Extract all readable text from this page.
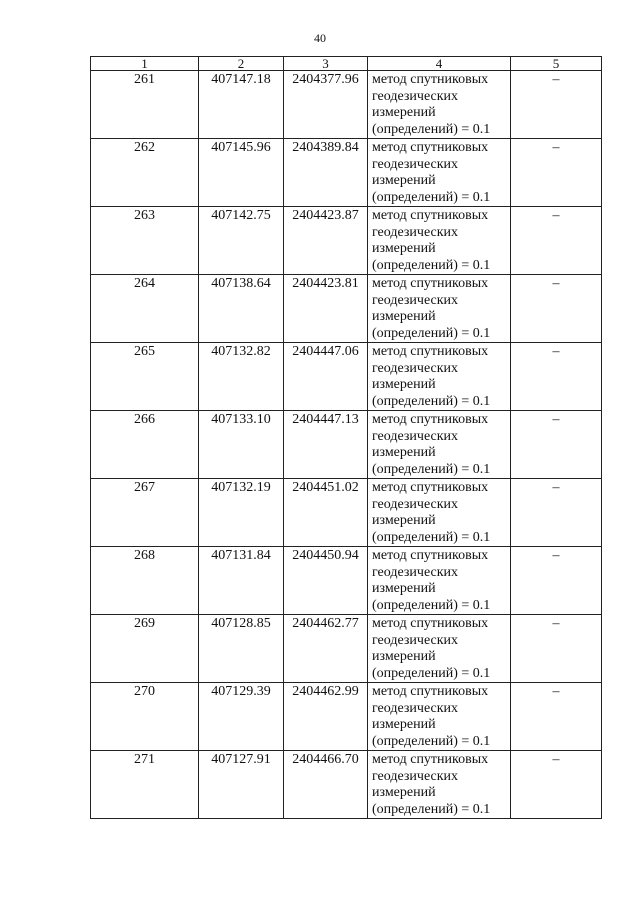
40
1	2	3	4	5
261	407147.18	2404377.96	метод спутниковых
геодезических
измерений
(определений) = 0.1	–
262	407145.96	2404389.84	метод спутниковых
геодезических
измерений
(определений) = 0.1	–
263	407142.75	2404423.87	метод спутниковых
геодезических
измерений
(определений) = 0.1	–
264	407138.64	2404423.81	метод спутниковых
геодезических
измерений
(определений) = 0.1	–
265	407132.82	2404447.06	метод спутниковых
геодезических
измерений
(определений) = 0.1	–
266	407133.10	2404447.13	метод спутниковых
геодезических
измерений
(определений) = 0.1	–
267	407132.19	2404451.02	метод спутниковых
геодезических
измерений
(определений) = 0.1	–
268	407131.84	2404450.94	метод спутниковых
геодезических
измерений
(определений) = 0.1	–
269	407128.85	2404462.77	метод спутниковых
геодезических
измерений
(определений) = 0.1	–
270	407129.39	2404462.99	метод спутниковых
геодезических
измерений
(определений) = 0.1	–
271	407127.91	2404466.70	метод спутниковых
геодезических
измерений
(определений) = 0.1	–
